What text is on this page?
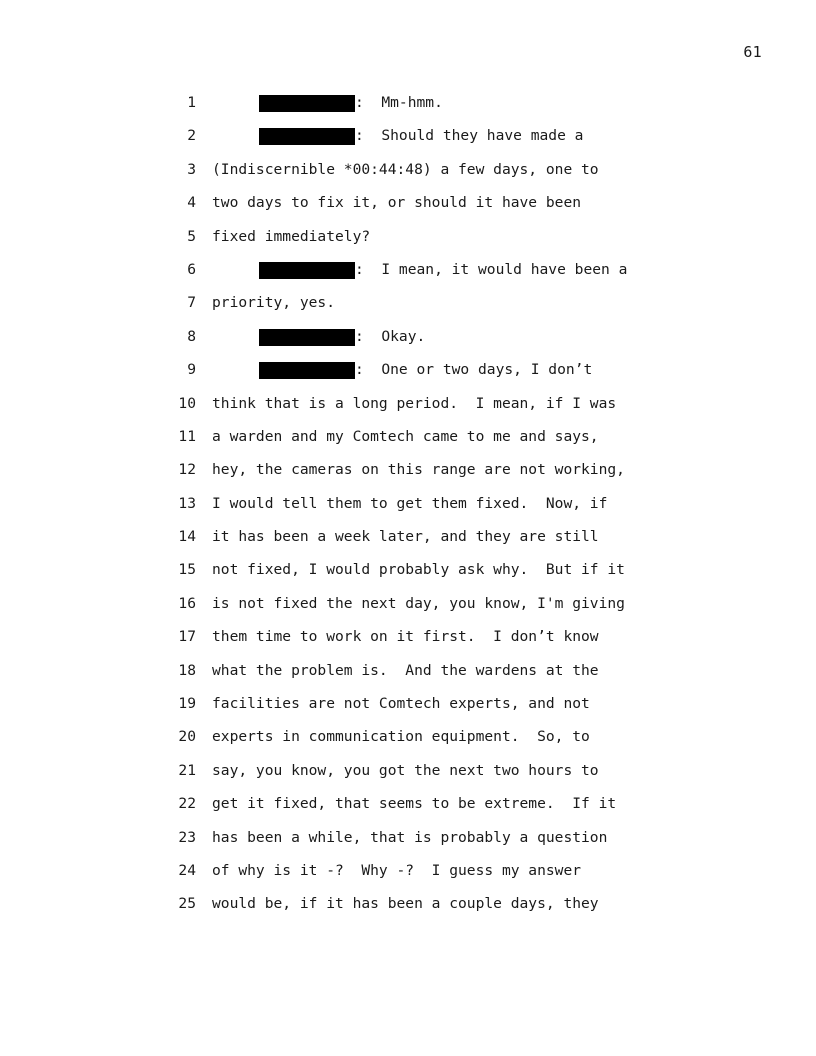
61
1	:  Mm-hmm.
2	:  Should they have made a
3 (Indiscernible *00:44:48) a few days, one to
4 two days to fix it, or should it have been
5 fixed immediately?
6	:  I mean, it would have been a
7 priority, yes.
8	:  Okay.
9	:  One or two days, I don’t
10 think that is a long period.  I mean, if I was
11 a warden and my Comtech came to me and says,
12 hey, the cameras on this range are not working,
13 I would tell them to get them fixed.  Now, if
14 it has been a week later, and they are still
15 not fixed, I would probably ask why.  But if it
16 is not fixed the next day, you know, I'm giving
17 them time to work on it first.  I don’t know
18 what the problem is.  And the wardens at the
19 facilities are not Comtech experts, and not
20 experts in communication equipment.  So, to
21 say, you know, you got the next two hours to
22 get it fixed, that seems to be extreme.  If it
23 has been a while, that is probably a question
24 of why is it -?  Why -?  I guess my answer
25 would be, if it has been a couple days, they
